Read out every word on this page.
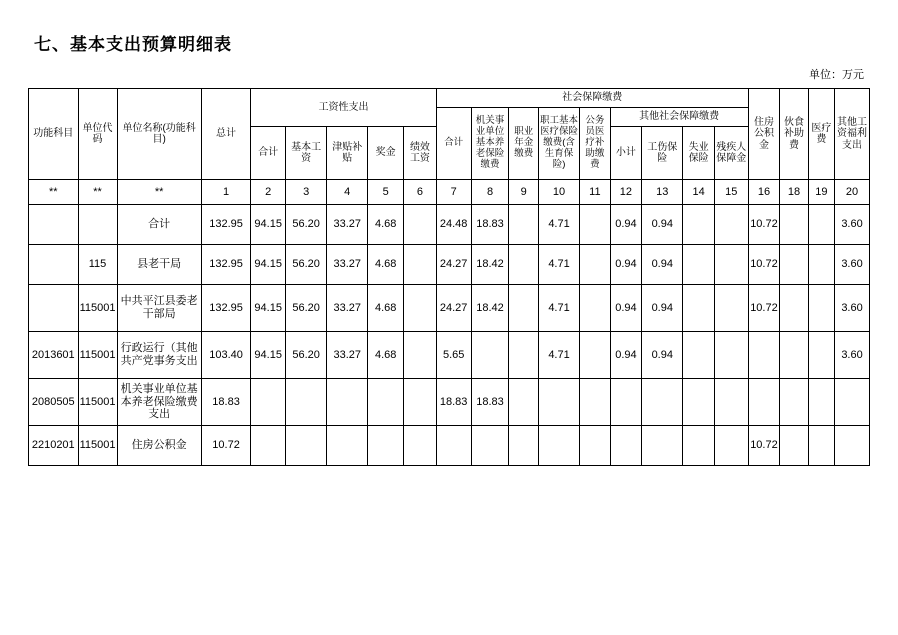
七、基本支出预算明细表
单位：万元
功能科目	单位代码	单位名称(功能科目)	总计	工资性支出					社会保障缴费									住房公积金	伙食补助费	医疗费	其他工资福利支出
									合计	机关事业单位基本养老保险缴费	职业年金缴费	职工基本医疗保险缴费(含生育保险)	公务员医疗补助缴费	其他社会保障缴费							
				合计	基本工资	津贴补贴	奖金	绩效工资						小计	工伤保险	失业保险	残疾人保障金				
**	**	**	1	2	3	4	5	6	7	8	9	10	11	12	13	14	15	16	18	19	20
		合计	132.95	94.15	56.20	33.27	4.68		24.48	18.83		4.71		0.94	0.94			10.72			3.60
	115	县老干局	132.95	94.15	56.20	33.27	4.68		24.27	18.42		4.71		0.94	0.94			10.72			3.60
	115001	中共平江县委老干部局	132.95	94.15	56.20	33.27	4.68		24.27	18.42		4.71		0.94	0.94			10.72			3.60
2013601	115001	行政运行（其他共产党事务支出	103.40	94.15	56.20	33.27	4.68		5.65			4.71		0.94	0.94						3.60
2080505	115001	机关事业单位基本养老保险缴费支出	18.83						18.83	18.83											
2210201	115001	住房公积金	10.72															10.72			
